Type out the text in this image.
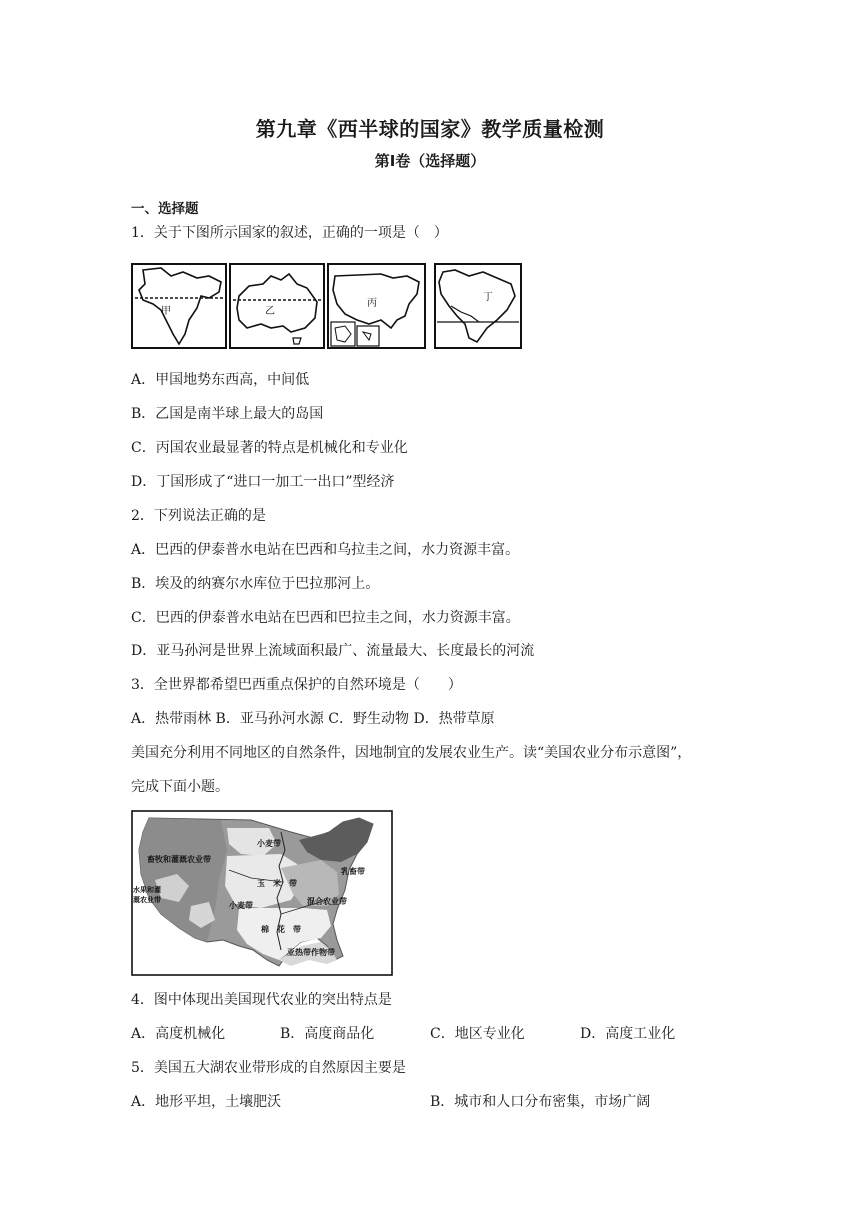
第九章《西半球的国家》教学质量检测
第Ⅰ卷（选择题）
一、选择题
1．关于下图所示国家的叙述，正确的一项是（　）
甲	乙
丙
丁
A．甲国地势东西高，中间低
B．乙国是南半球上最大的岛国
C．丙国农业最显著的特点是机械化和专业化
D．丁国形成了“进口一加工一出口”型经济
2．下列说法正确的是
A．巴西的伊泰普水电站在巴西和乌拉圭之间，水力资源丰富。
B．埃及的纳赛尔水库位于巴拉那河上。
C．巴西的伊泰普水电站在巴西和巴拉圭之间，水力资源丰富。
D．亚马孙河是世界上流域面积最广、流量最大、长度最长的河流
3．全世界都希望巴西重点保护的自然环境是（　　）
A．热带雨林 B．亚马孙河水源 C．野生动物 D．热带草原
美国充分利用不同地区的自然条件，因地制宜的发展农业生产。读“美国农业分布示意图”，
完成下面小题。
小麦带
畜牧和灌溉农业带
水果和灌
溉农业带
玉　米　带
乳畜带
小麦带	混合农业带
棉　花　带
亚热带作物带
4．图中体现出美国现代农业的突出特点是
A．高度机械化	B．高度商品化	C．地区专业化	D．高度工业化
5．美国五大湖农业带形成的自然原因主要是
A．地形平坦，土壤肥沃	B．城市和人口分布密集，市场广阔
